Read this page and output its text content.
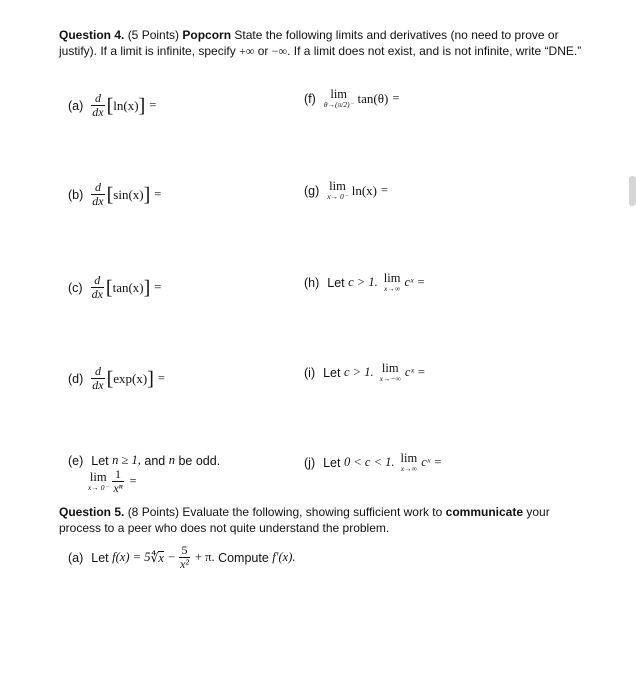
Question 4. (5 Points) Popcorn State the following limits and derivatives (no need to prove or justify). If a limit is infinite, specify +∞ or −∞. If a limit does not exist, and is not infinite, write “DNE.”
$(a) \frac{d}{dx}$ [ ln(x) ] =
$(b) \frac{d}{dx}$ [ sin(x) ] =
$(c) \frac{d}{dx}$ [ tan(x) ] =
$(d) \frac{d}{dx}$ [ exp(x) ] =
(e) Let
n ≥ 1,
and
n
be odd.
lim
$x\to 0^- \frac{1}{\text{xⁿ}}$ =
(f) lim
θ→(π/2)⁻ tan(θ) =
(g) lim
x→ 0⁻ ln(x) =
(h) Let
c > 1. lim
x→∞ cˣ =
(i) Let
c > 1. lim
x→−∞ cˣ =
(j) Let
0 < c < 1. lim
x→∞ cˣ =
Question 5. (8 Points) Evaluate the following, showing sufficient work to communicate your process to a peer who does not quite understand the problem.
(a) Let
f(x) = 5 ∜ $x - \frac{5}{\text{x²}} + \pi$.
Compute
f′(x).
